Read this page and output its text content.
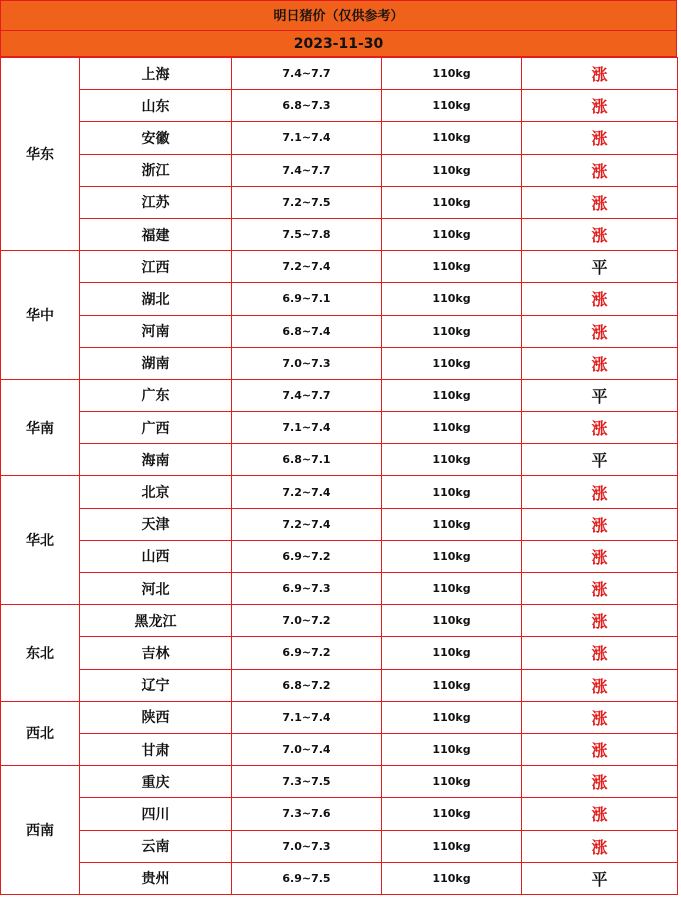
明日猪价（仅供参考）
2023-11-30
华东	上海	7.4~7.7	110kg	涨
	山东	6.8~7.3	110kg	涨
	安徽	7.1~7.4	110kg	涨
	浙江	7.4~7.7	110kg	涨
	江苏	7.2~7.5	110kg	涨
	福建	7.5~7.8	110kg	涨
华中	江西	7.2~7.4	110kg	平
	湖北	6.9~7.1	110kg	涨
	河南	6.8~7.4	110kg	涨
	湖南	7.0~7.3	110kg	涨
华南	广东	7.4~7.7	110kg	平
	广西	7.1~7.4	110kg	涨
	海南	6.8~7.1	110kg	平
华北	北京	7.2~7.4	110kg	涨
	天津	7.2~7.4	110kg	涨
	山西	6.9~7.2	110kg	涨
	河北	6.9~7.3	110kg	涨
东北	黑龙江	7.0~7.2	110kg	涨
	吉林	6.9~7.2	110kg	涨
	辽宁	6.8~7.2	110kg	涨
西北	陕西	7.1~7.4	110kg	涨
	甘肃	7.0~7.4	110kg	涨
西南	重庆	7.3~7.5	110kg	涨
	四川	7.3~7.6	110kg	涨
	云南	7.0~7.3	110kg	涨
	贵州	6.9~7.5	110kg	平
